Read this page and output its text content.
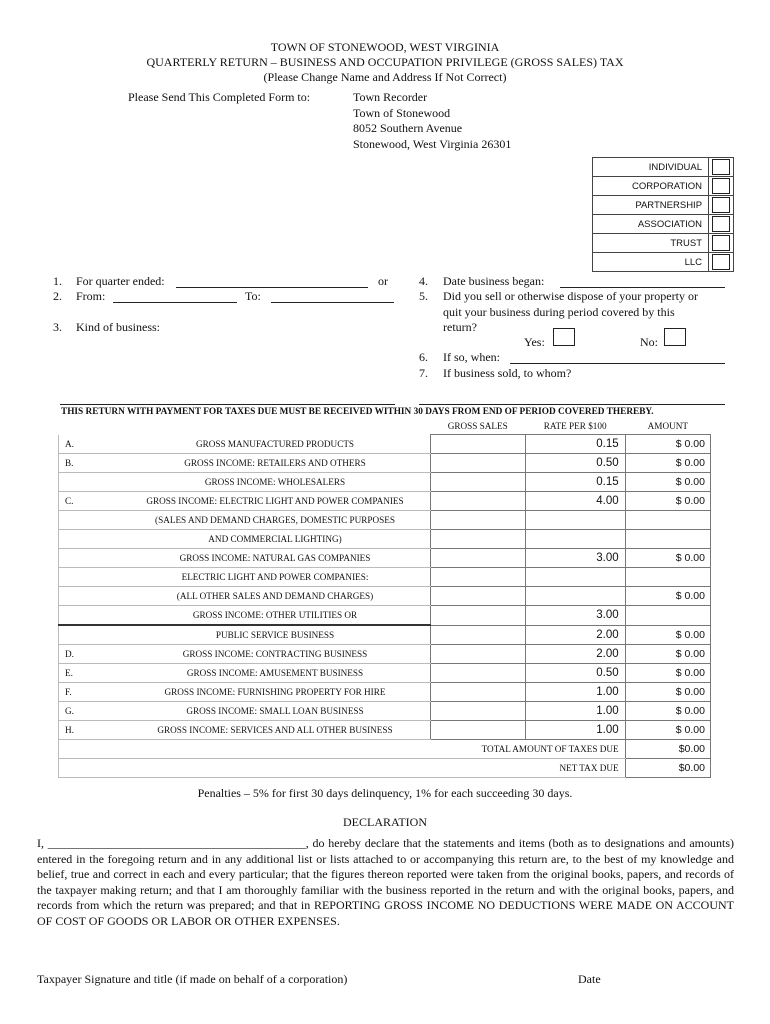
TOWN OF STONEWOOD, WEST VIRGINIA
QUARTERLY RETURN – BUSINESS AND OCCUPATION PRIVILEGE (GROSS SALES) TAX
(Please Change Name and Address If Not Correct)
Please Send This Completed Form to:	Town Recorder
Town of Stonewood
8052 Southern Avenue
Stonewood, West Virginia 26301
INDIVIDUAL	

CORPORATION	

PARTNERSHIP	

ASSOCIATION	

TRUST	

LLC	
1. For quarter ended:	or
2. From:	To:
3. Kind of business:
4. Date business began:
5. Did you sell or otherwise dispose of your property or
quit your business during period covered by this
return?
Yes:	No:
6. If so, when:
7. If business sold, to whom?
THIS RETURN WITH PAYMENT FOR TAXES DUE MUST BE RECEIVED WITHIN 30 DAYS FROM END OF PERIOD COVERED THEREBY.
		GROSS SALES	RATE PER $100	AMOUNT
A.	GROSS MANUFACTURED PRODUCTS		0.15	$ 0.00
B.	GROSS INCOME: RETAILERS AND OTHERS		0.50	$ 0.00
	GROSS INCOME: WHOLESALERS		0.15	$ 0.00
C.	GROSS INCOME: ELECTRIC LIGHT AND POWER COMPANIES		4.00	$ 0.00
	(SALES AND DEMAND CHARGES, DOMESTIC PURPOSES			
	AND COMMERCIAL LIGHTING)			
	GROSS INCOME: NATURAL GAS COMPANIES		3.00	$ 0.00
	ELECTRIC LIGHT AND POWER COMPANIES:			
	(ALL OTHER SALES AND DEMAND CHARGES)			$ 0.00
	GROSS INCOME: OTHER UTILITIES OR		3.00	
	PUBLIC SERVICE BUSINESS		2.00	$ 0.00
D.	GROSS INCOME: CONTRACTING BUSINESS		2.00	$ 0.00
E.	GROSS INCOME: AMUSEMENT BUSINESS		0.50	$ 0.00
F.	GROSS INCOME: FURNISHING PROPERTY FOR HIRE		1.00	$ 0.00
G.	GROSS INCOME: SMALL LOAN BUSINESS		1.00	$ 0.00
H.	GROSS INCOME: SERVICES AND ALL OTHER BUSINESS		1.00	$ 0.00
		TOTAL AMOUNT OF TAXES DUE		$0.00
		NET TAX DUE		$0.00
Penalties – 5% for first 30 days delinquency, 1% for each succeeding 30 days.
DECLARATION
I, ___________________________________________, do hereby declare that the statements and items (both as to designations and amounts) entered in the foregoing return and in any additional list or lists attached to or accompanying this return are, to the best of my knowledge and belief, true and correct in each and every particular; that the figures thereon reported were taken from the original books, papers, and records of the taxpayer making return; and that I am thoroughly familiar with the business reported in the return and with the original books, papers, and records from which the return was prepared; and that in REPORTING GROSS INCOME NO DEDUCTIONS WERE MADE ON ACCOUNT OF COST OF GOODS OR LABOR OR OTHER EXPENSES.
Taxpayer Signature and title (if made on behalf of a corporation)	Date
